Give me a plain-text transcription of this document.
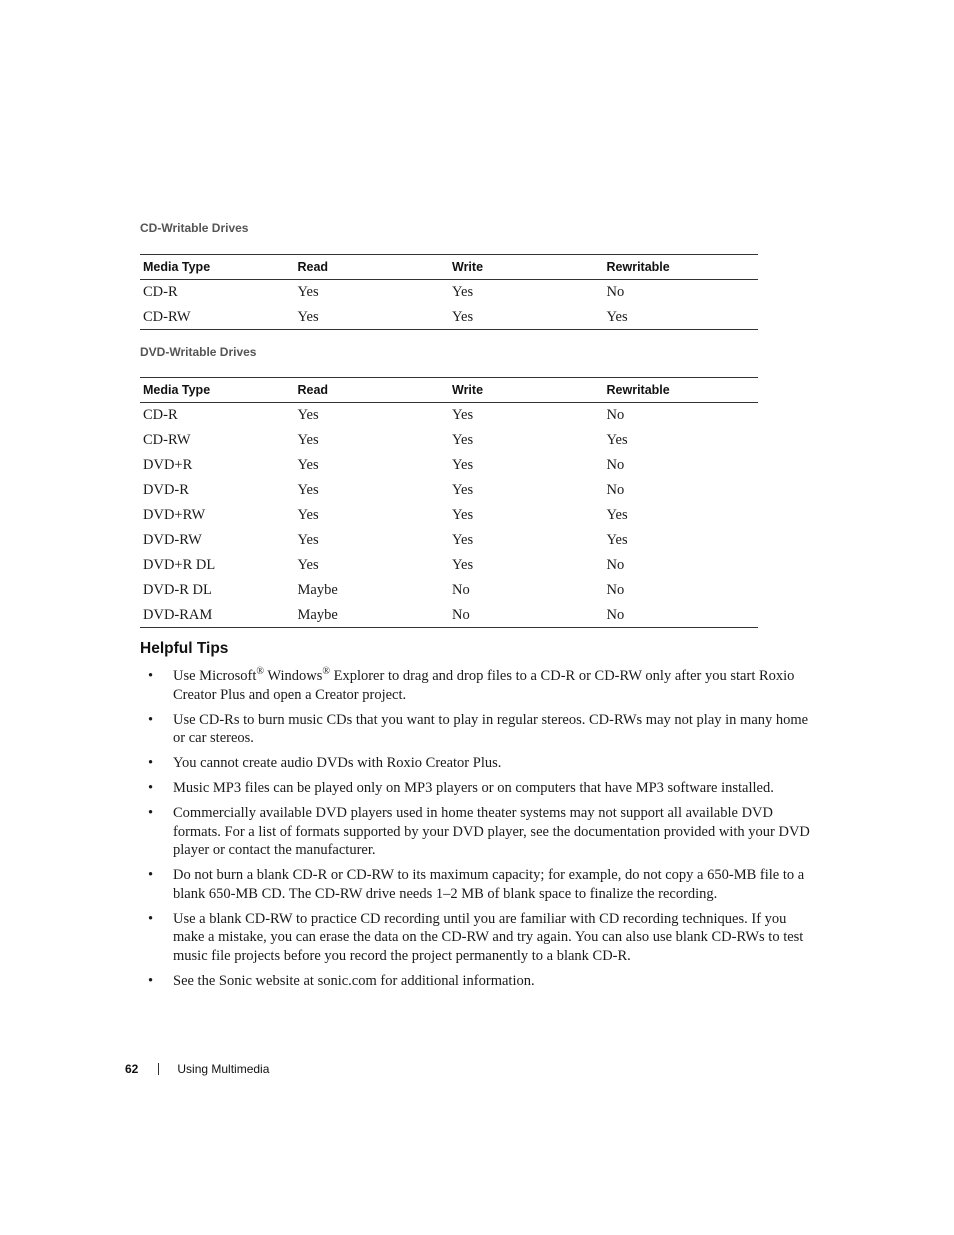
CD-Writable Drives
Media Type	Read	Write	Rewritable
CD-R	Yes	Yes	No
CD-RW	Yes	Yes	Yes
DVD-Writable Drives
Media Type	Read	Write	Rewritable
CD-R	Yes	Yes	No
CD-RW	Yes	Yes	Yes
DVD+R	Yes	Yes	No
DVD-R	Yes	Yes	No
DVD+RW	Yes	Yes	Yes
DVD-RW	Yes	Yes	Yes
DVD+R DL	Yes	Yes	No
DVD-R DL	Maybe	No	No
DVD-RAM	Maybe	No	No
Helpful Tips
• Use Microsoft® Windows® Explorer to drag and drop files to a CD-R or CD-RW only after you start Roxio Creator Plus and open a Creator project.
• Use CD-Rs to burn music CDs that you want to play in regular stereos. CD-RWs may not play in many home or car stereos.
• You cannot create audio DVDs with Roxio Creator Plus.
• Music MP3 files can be played only on MP3 players or on computers that have MP3 software installed.
• Commercially available DVD players used in home theater systems may not support all available DVD formats. For a list of formats supported by your DVD player, see the documentation provided with your DVD player or contact the manufacturer.
• Do not burn a blank CD-R or CD-RW to its maximum capacity; for example, do not copy a 650-MB file to a blank 650-MB CD. The CD-RW drive needs 1–2 MB of blank space to finalize the recording.
• Use a blank CD-RW to practice CD recording until you are familiar with CD recording techniques. If you make a mistake, you can erase the data on the CD-RW and try again. You can also use blank CD-RWs to test music file projects before you record the project permanently to a blank CD-R.
• See the Sonic website at sonic.com for additional information.
62	Using Multimedia
